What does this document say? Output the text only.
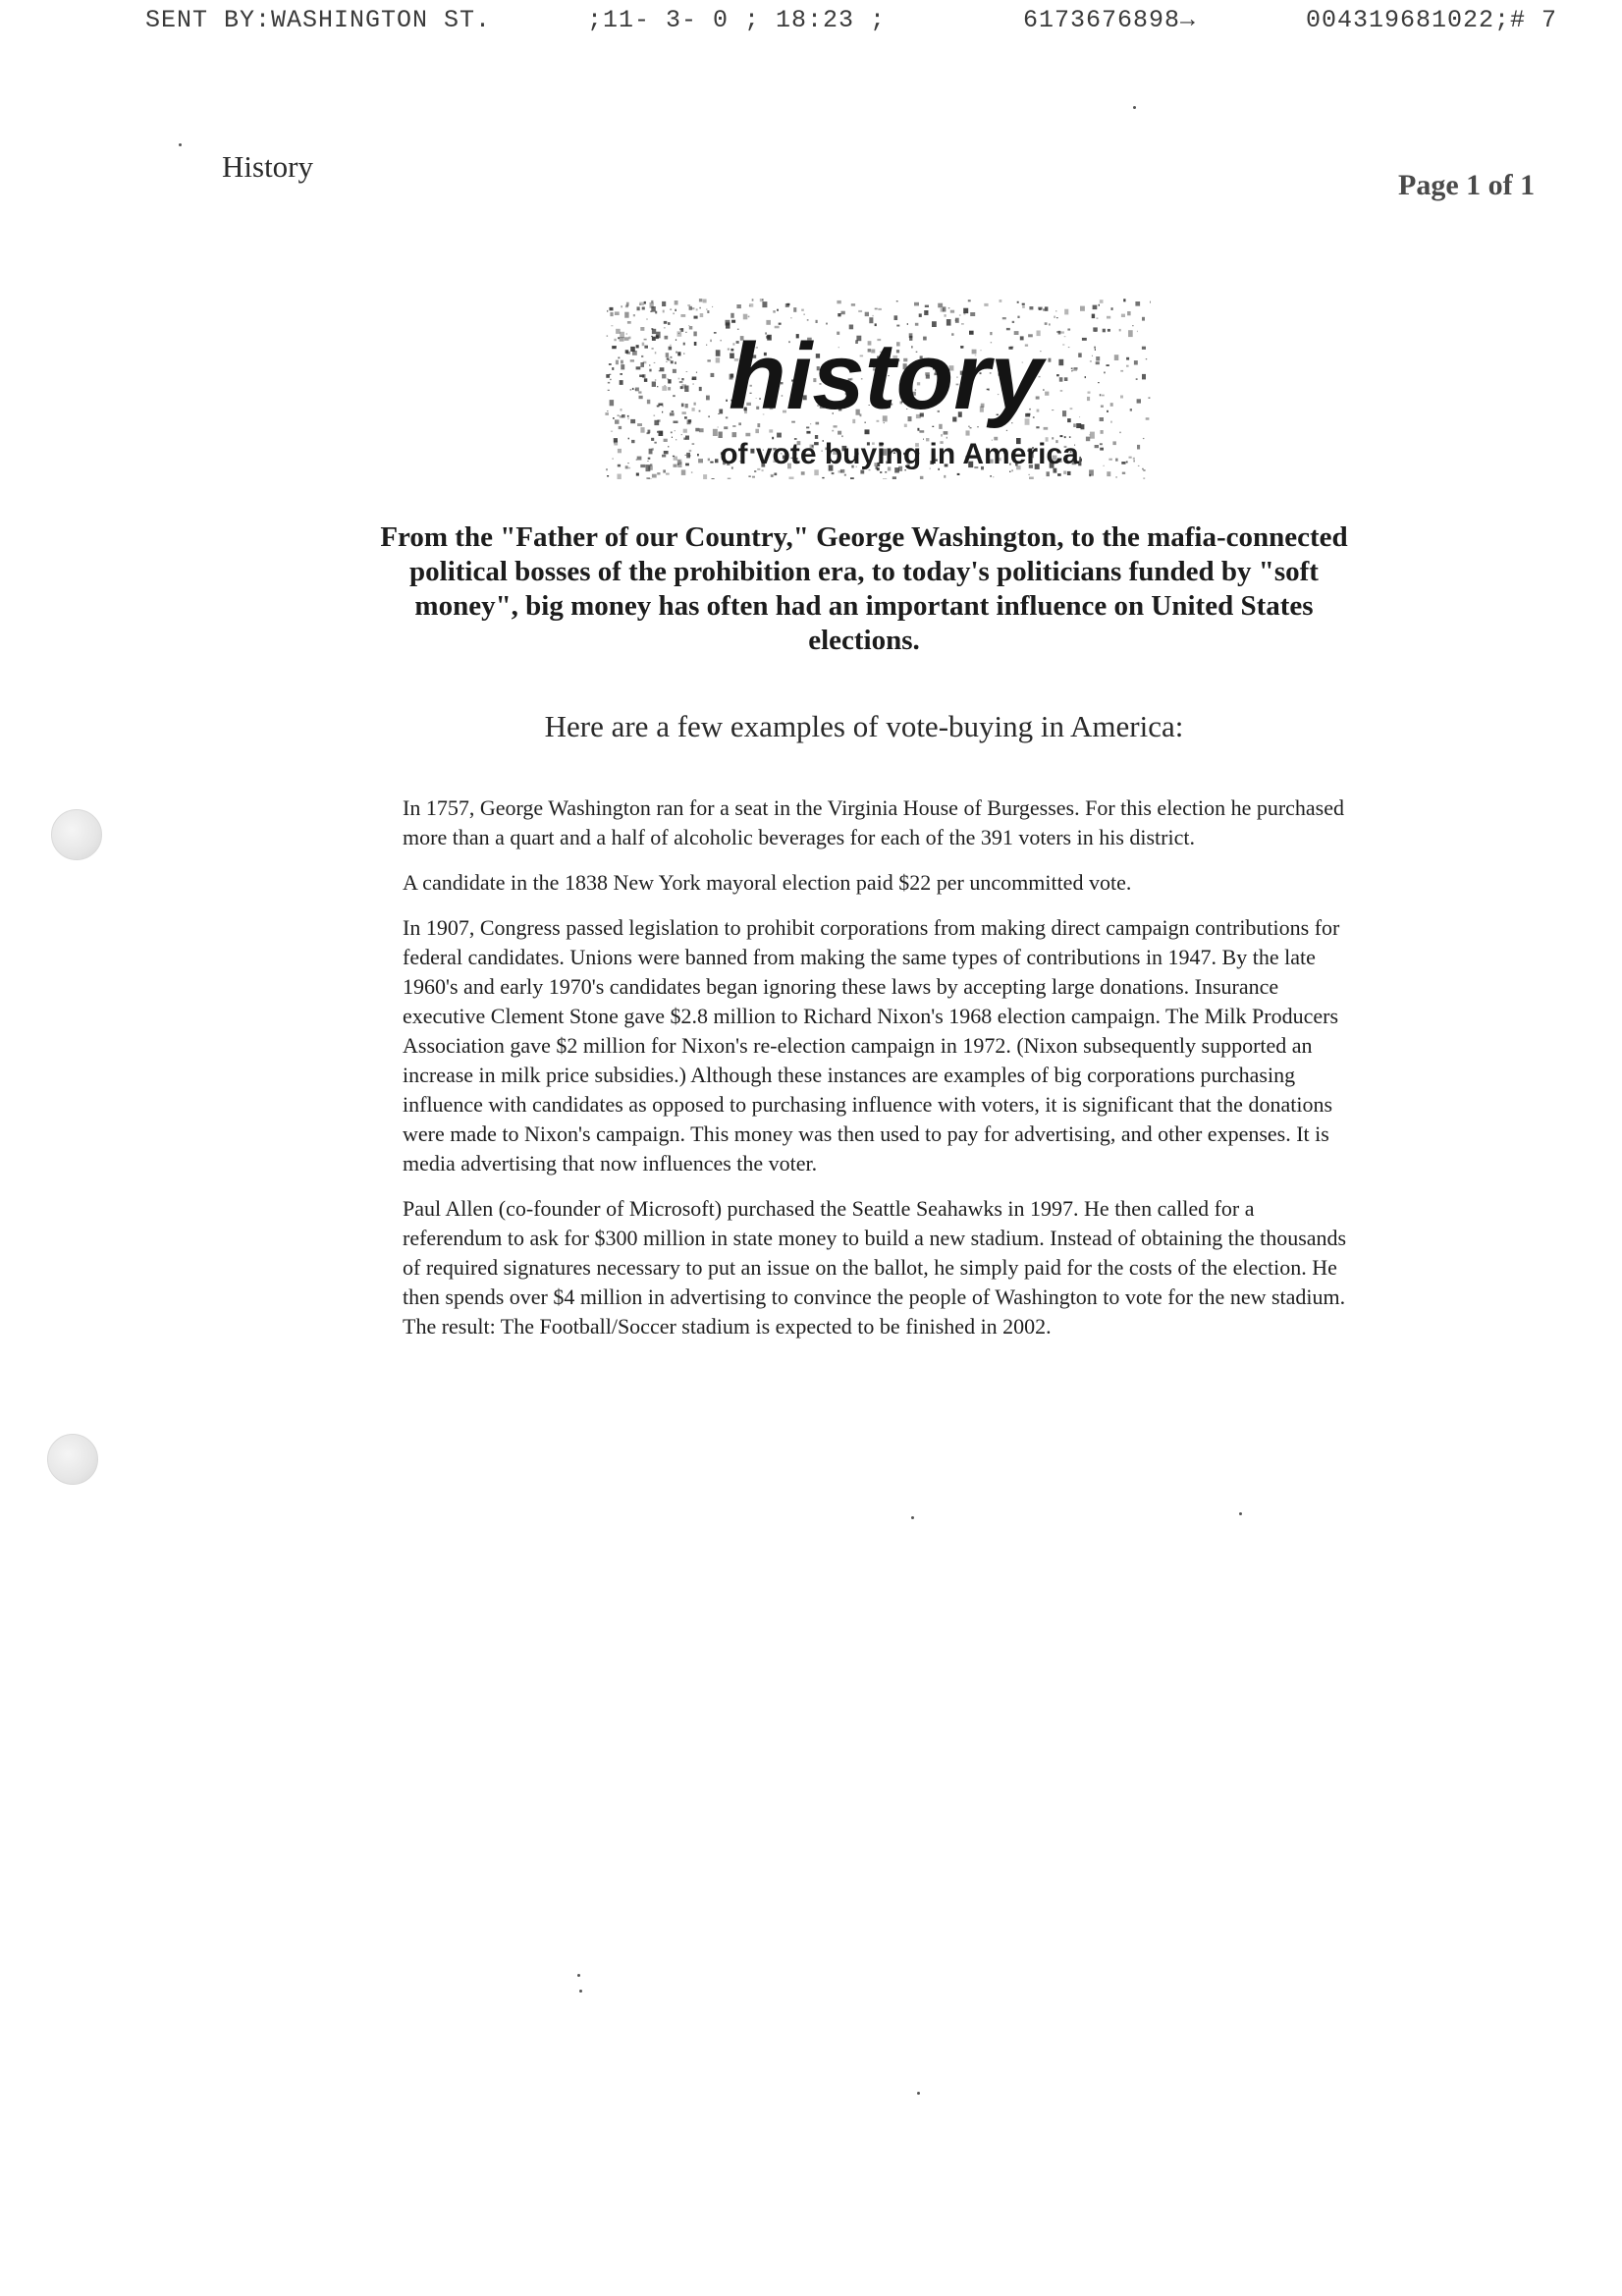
SENT BY:WASHINGTON ST.	;11- 3- 0 ; 18:23 ;	6173676898→	004319681022;# 7
History
Page 1 of 1
history
of vote buying in America
From the "Father of our Country," George Washington, to the mafia-connected political bosses of the prohibition era, to today's politicians funded by "soft money", big money has often had an important influence on United States elections.
Here are a few examples of vote-buying in America:

In 1757, George Washington ran for a seat in the Virginia House of Burgesses. For this election he purchased more than a quart and a half of alcoholic beverages for each of the 391 voters in his district.

A candidate in the 1838 New York mayoral election paid $22 per uncommitted vote.

In 1907, Congress passed legislation to prohibit corporations from making direct campaign contributions for federal candidates. Unions were banned from making the same types of contributions in 1947. By the late 1960's and early 1970's candidates began ignoring these laws by accepting large donations. Insurance executive Clement Stone gave $2.8 million to Richard Nixon's 1968 election campaign. The Milk Producers Association gave $2 million for Nixon's re-election campaign in 1972. (Nixon subsequently supported an increase in milk price subsidies.) Although these instances are examples of big corporations purchasing influence with candidates as opposed to purchasing influence with voters, it is significant that the donations were made to Nixon's campaign. This money was then used to pay for advertising, and other expenses. It is media advertising that now influences the voter.

Paul Allen (co-founder of Microsoft) purchased the Seattle Seahawks in 1997. He then called for a referendum to ask for $300 million in state money to build a new stadium. Instead of obtaining the thousands of required signatures necessary to put an issue on the ballot, he simply paid for the costs of the election. He then spends over $4 million in advertising to convince the people of Washington to vote for the new stadium. The result: The Football/Soccer stadium is expected to be finished in 2002.
